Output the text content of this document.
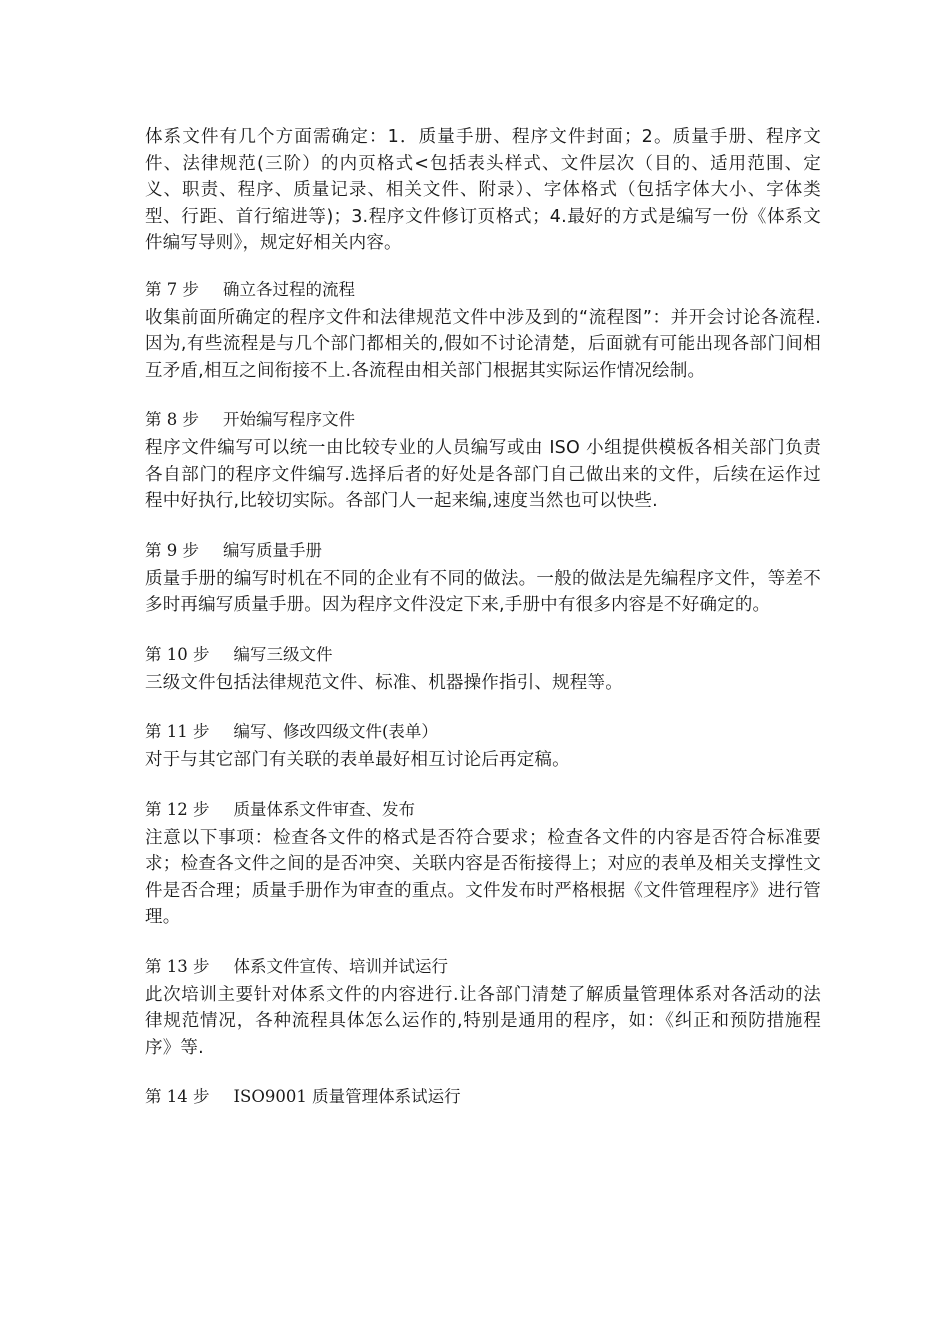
体系文件有几个方面需确定：1．质量手册、程序文件封面；2。质量手册、程序文件、法律规范(三阶）的内页格式<包括表头样式、文件层次（目的、适用范围、定义、职责、程序、质量记录、相关文件、附录）、字体格式（包括字体大小、字体类型、行距、首行缩进等)；3.程序文件修订页格式；4.最好的方式是编写一份《体系文件编写导则》，规定好相关内容。

第 7 步 确立各过程的流程

收集前面所确定的程序文件和法律规范文件中涉及到的“流程图”：并开会讨论各流程.因为,有些流程是与几个部门都相关的,假如不讨论清楚，后面就有可能出现各部门间相互矛盾,相互之间衔接不上.各流程由相关部门根据其实际运作情况绘制。

第 8 步 开始编写程序文件

程序文件编写可以统一由比较专业的人员编写或由 ISO 小组提供模板各相关部门负责各自部门的程序文件编写.选择后者的好处是各部门自己做出来的文件，后续在运作过程中好执行,比较切实际。各部门人一起来编,速度当然也可以快些.

第 9 步 编写质量手册

质量手册的编写时机在不同的企业有不同的做法。一般的做法是先编程序文件，等差不多时再编写质量手册。因为程序文件没定下来,手册中有很多内容是不好确定的。

第 10 步 编写三级文件

三级文件包括法律规范文件、标准、机器操作指引、规程等。

第 11 步 编写、修改四级文件(表单）

对于与其它部门有关联的表单最好相互讨论后再定稿。

第 12 步 质量体系文件审查、发布

注意以下事项：检查各文件的格式是否符合要求；检查各文件的内容是否符合标准要求；检查各文件之间的是否冲突、关联内容是否衔接得上；对应的表单及相关支撑性文件是否合理；质量手册作为审查的重点。文件发布时严格根据《文件管理程序》进行管理。

第 13 步 体系文件宣传、培训并试运行

此次培训主要针对体系文件的内容进行.让各部门清楚了解质量管理体系对各活动的法律规范情况，各种流程具体怎么运作的,特别是通用的程序，如：《纠正和预防措施程序》等.

第 14 步 ISO9001 质量管理体系试运行
